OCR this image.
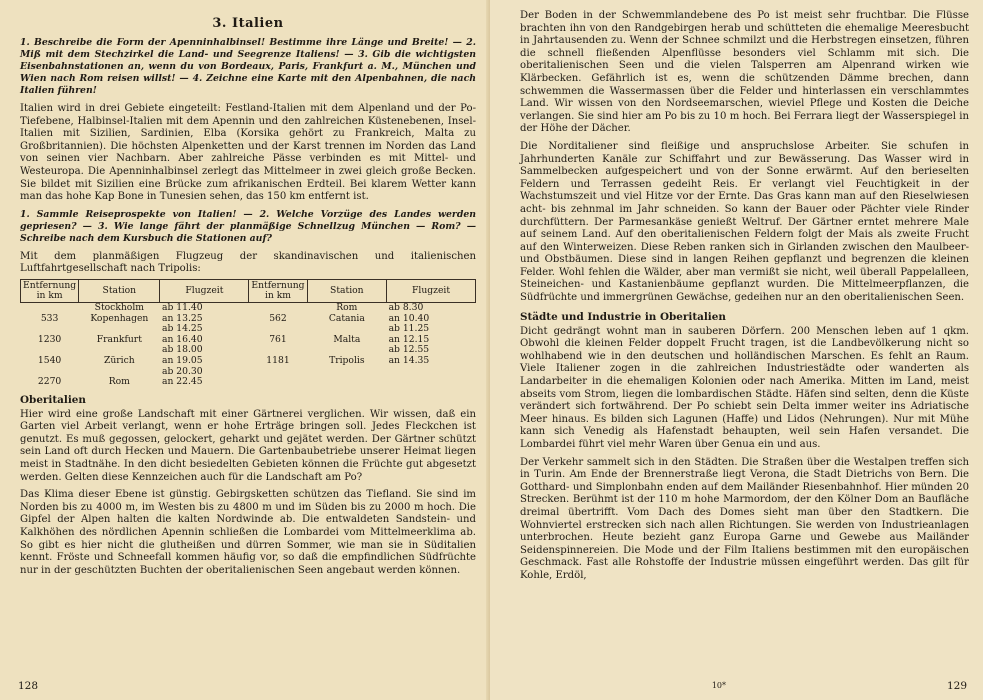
3. Italien

1. Beschreibe die Form der Apenninhalbinsel! Bestimme ihre Länge und Breite! — 2. Miß mit dem Stechzirkel die Land- und Seegrenze Italiens! — 3. Gib die wichtigsten Eisenbahnstationen an, wenn du von Bordeaux, Paris, Frankfurt a. M., München und Wien nach Rom reisen willst! — 4. Zeichne eine Karte mit den Alpenbahnen, die nach Italien führen!

Italien wird in drei Gebiete eingeteilt: Festland-Italien mit dem Alpenland und der Po-Tiefebene, Halbinsel-Italien mit dem Apennin und den zahlreichen Küstenebenen, Insel-Italien mit Sizilien, Sardinien, Elba (Korsika gehört zu Frankreich, Malta zu Großbritannien). Die höchsten Alpenketten und der Karst trennen im Norden das Land von seinen vier Nachbarn. Aber zahlreiche Pässe verbinden es mit Mittel- und Westeuropa. Die Apenninhalbinsel zerlegt das Mittelmeer in zwei gleich große Becken. Sie bildet mit Sizilien eine Brücke zum afrikanischen Erdteil. Bei klarem Wetter kann man das hohe Kap Bone in Tunesien sehen, das 150 km entfernt ist.

1. Sammle Reiseprospekte von Italien! — 2. Welche Vorzüge des Landes werden gepriesen? — 3. Wie lange fährt der planmäßige Schnellzug München — Rom? — Schreibe nach dem Kursbuch die Stationen auf?

Mit dem planmäßigen Flugzeug der skandinavischen und italienischen Luftfahrtgesellschaft nach Tripolis:

Entfernung in km	Station	Flugzeit	Entfernung in km	Station	Flugzeit
	Stockholm	ab 11.40		Rom	ab 8.30
533	Kopenhagen	an 13.25	562	Catania	an 10.40
		ab 14.25			ab 11.25
1230	Frankfurt	an 16.40	761	Malta	an 12.15
		ab 18.00			ab 12.55
1540	Zürich	an 19.05	1181	Tripolis	an 14.35
		ab 20.30			
2270	Rom	an 22.45			
Oberitalien

Hier wird eine große Landschaft mit einer Gärtnerei verglichen. Wir wissen, daß ein Garten viel Arbeit verlangt, wenn er hohe Erträge bringen soll. Jedes Fleckchen ist genutzt. Es muß gegossen, gelockert, geharkt und gejätet werden. Der Gärtner schützt sein Land oft durch Hecken und Mauern. Die Gartenbaubetriebe unserer Heimat liegen meist in Stadtnähe. In den dicht besiedelten Gebieten können die Früchte gut abgesetzt werden. Gelten diese Kennzeichen auch für die Landschaft am Po?

Das Klima dieser Ebene ist günstig. Gebirgsketten schützen das Tiefland. Sie sind im Norden bis zu 4000 m, im Westen bis zu 4800 m und im Süden bis zu 2000 m hoch. Die Gipfel der Alpen halten die kalten Nordwinde ab. Die entwaldeten Sandstein- und Kalkhöhen des nördlichen Apennin schließen die Lombardei vom Mittelmeerklima ab. So gibt es hier nicht die glutheißen und dürren Sommer, wie man sie in Süditalien kennt. Fröste und Schneefall kommen häufig vor, so daß die empfindlichen Südfrüchte nur in der geschützten Buchten der oberitalienischen Seen angebaut werden können.

128

Der Boden in der Schwemmlandebene des Po ist meist sehr fruchtbar. Die Flüsse brachten ihn von den Randgebirgen herab und schütteten die ehemalige Meeresbucht in Jahrtausenden zu. Wenn der Schnee schmilzt und die Herbstregen einsetzen, führen die schnell fließenden Alpenflüsse besonders viel Schlamm mit sich. Die oberitalienischen Seen und die vielen Talsperren am Alpenrand wirken wie Klärbecken. Gefährlich ist es, wenn die schützenden Dämme brechen, dann schwemmen die Wassermassen über die Felder und hinterlassen ein verschlammtes Land. Wir wissen von den Nordseemarschen, wieviel Pflege und Kosten die Deiche verlangen. Sie sind hier am Po bis zu 10 m hoch. Bei Ferrara liegt der Wasserspiegel in der Höhe der Dächer.

Die Norditaliener sind fleißige und anspruchslose Arbeiter. Sie schufen in Jahrhunderten Kanäle zur Schiffahrt und zur Bewässerung. Das Wasser wird in Sammelbecken aufgespeichert und von der Sonne erwärmt. Auf den berieselten Feldern und Terrassen gedeiht Reis. Er verlangt viel Feuchtigkeit in der Wachstumszeit und viel Hitze vor der Ernte. Das Gras kann man auf den Rieselwiesen acht- bis zehnmal im Jahr schneiden. So kann der Bauer oder Pächter viele Rinder durchfüttern. Der Parmesankäse genießt Weltruf. Der Gärtner erntet mehrere Male auf seinem Land. Auf den oberitalienischen Feldern folgt der Mais als zweite Frucht auf den Winterweizen. Diese Reben ranken sich in Girlanden zwischen den Maulbeer- und Obstbäumen. Diese sind in langen Reihen gepflanzt und begrenzen die kleinen Felder. Wohl fehlen die Wälder, aber man vermißt sie nicht, weil überall Pappelalleen, Steineichen- und Kastanienbäume gepflanzt wurden. Die Mittelmeerpflanzen, die Südfrüchte und immergrünen Gewächse, gedeihen nur an den oberitalienischen Seen.

Städte und Industrie in Oberitalien

Dicht gedrängt wohnt man in sauberen Dörfern. 200 Menschen leben auf 1 qkm. Obwohl die kleinen Felder doppelt Frucht tragen, ist die Landbevölkerung nicht so wohlhabend wie in den deutschen und holländischen Marschen. Es fehlt an Raum. Viele Italiener zogen in die zahlreichen Industriestädte oder wanderten als Landarbeiter in die ehemaligen Kolonien oder nach Amerika. Mitten im Land, meist abseits vom Strom, liegen die lombardischen Städte. Häfen sind selten, denn die Küste verändert sich fortwährend. Der Po schiebt sein Delta immer weiter ins Adriatische Meer hinaus. Es bilden sich Lagunen (Haffe) und Lidos (Nehrungen). Nur mit Mühe kann sich Venedig als Hafenstadt behaupten, weil sein Hafen versandet. Die Lombardei führt viel mehr Waren über Genua ein und aus.

Der Verkehr sammelt sich in den Städten. Die Straßen über die Westalpen treffen sich in Turin. Am Ende der Brennerstraße liegt Verona, die Stadt Dietrichs von Bern. Die Gotthard- und Simplonbahn enden auf dem Mailänder Riesenbahnhof. Hier münden 20 Strecken. Berühmt ist der 110 m hohe Marmordom, der den Kölner Dom an Baufläche dreimal übertrifft. Vom Dach des Domes sieht man über den Stadtkern. Die Wohnviertel erstrecken sich nach allen Richtungen. Sie werden von Industrieanlagen unterbrochen. Heute bezieht ganz Europa Garne und Gewebe aus Mailänder Seidenspinnereien. Die Mode und der Film Italiens bestimmen mit den europäischen Geschmack. Fast alle Rohstoffe der Industrie müssen eingeführt werden. Das gilt für Kohle, Erdöl,

10*	129
